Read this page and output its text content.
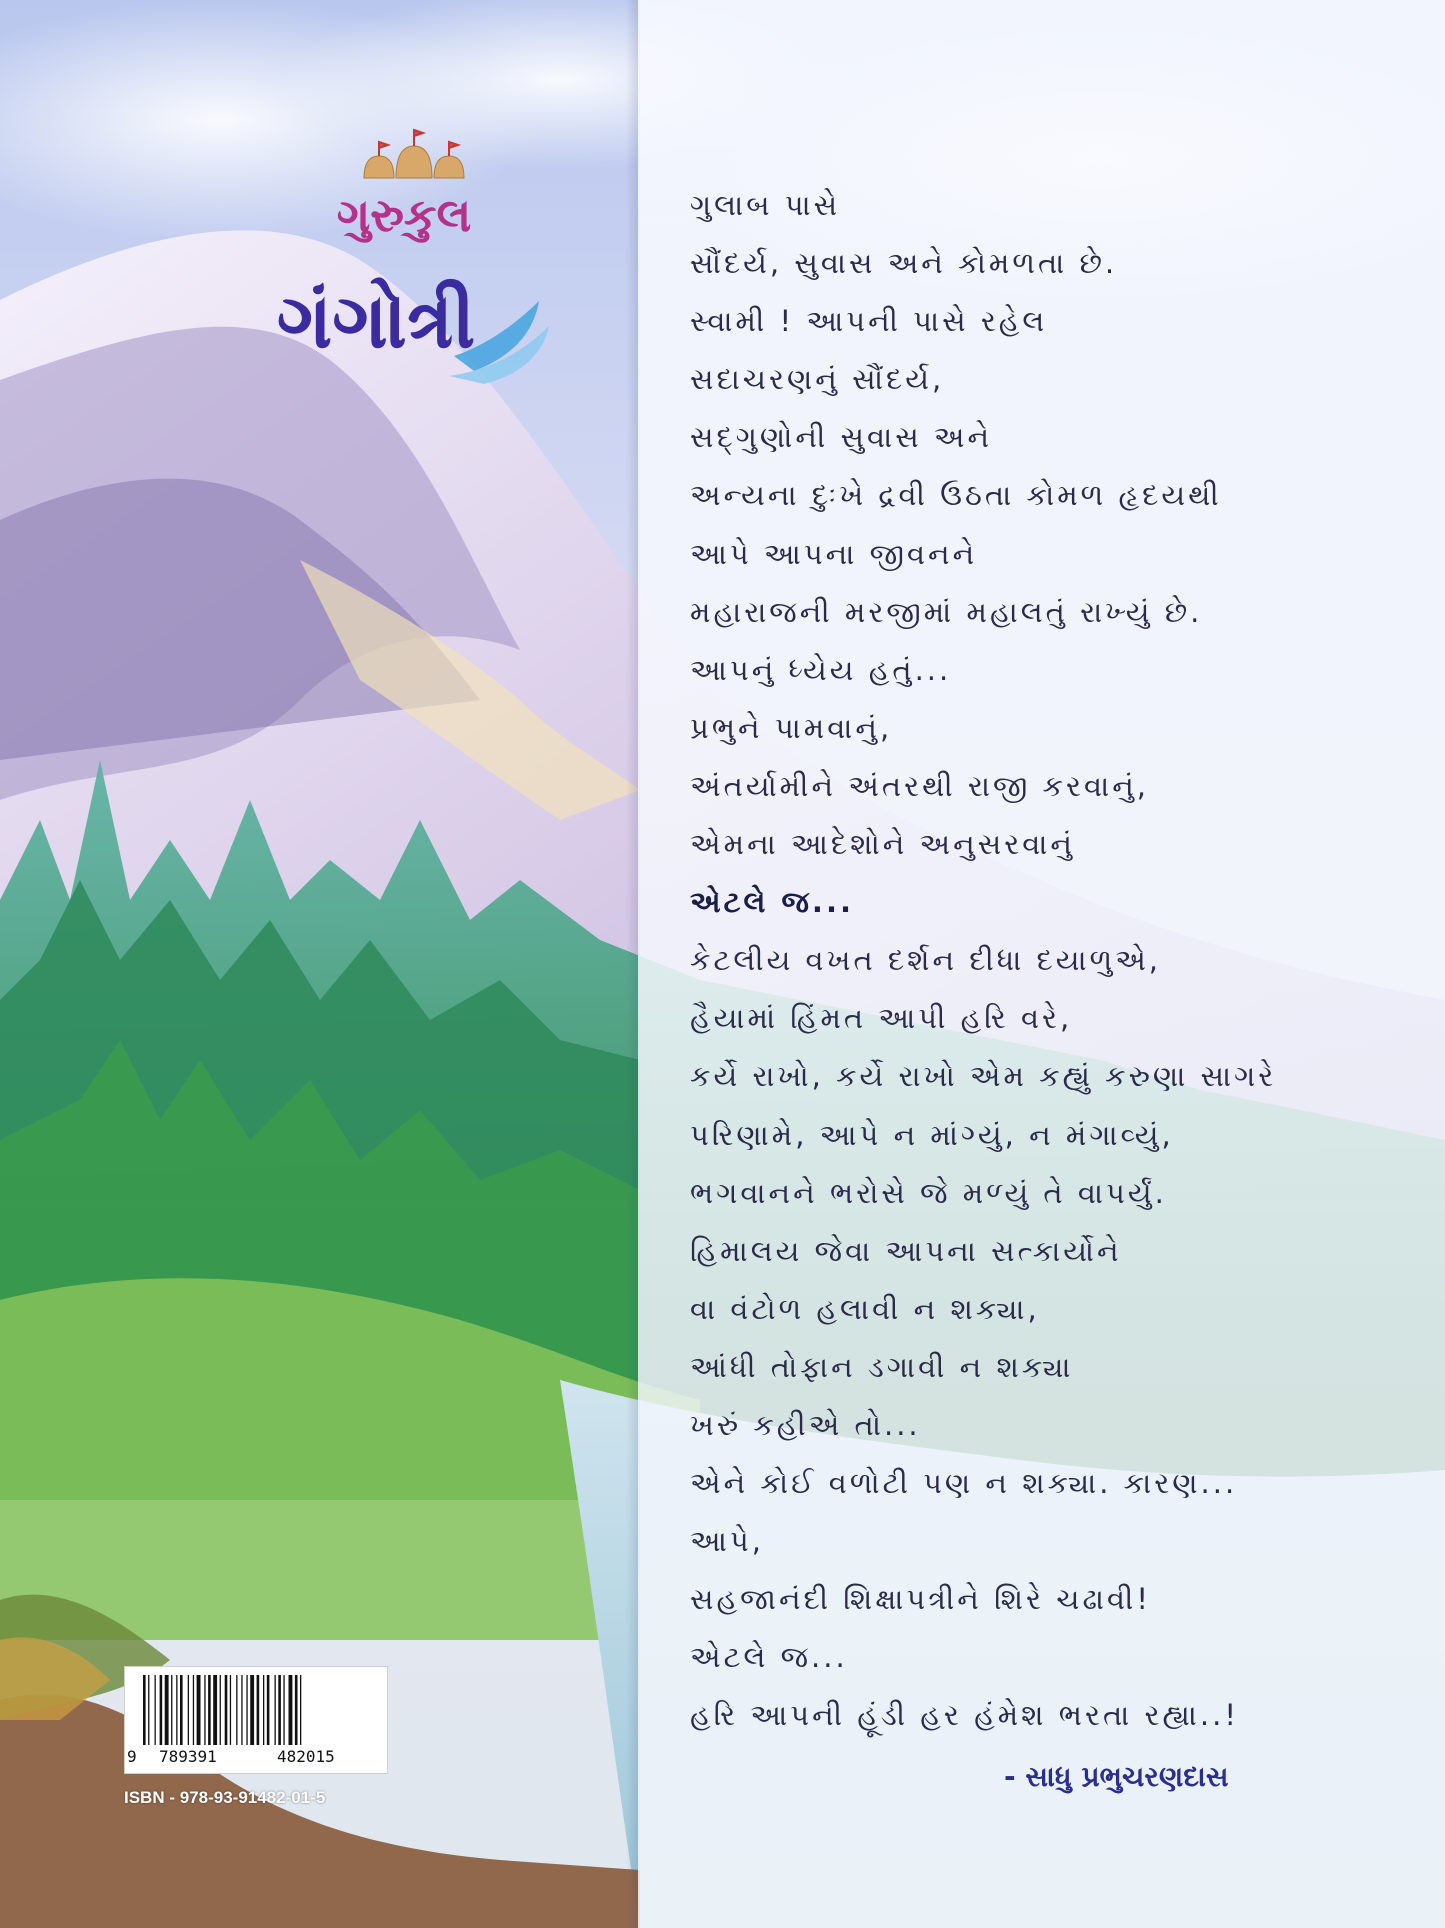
ગુરુકુલ
ગંગોત્રી
ગુલાબ પાસે
સૌંદર્ય, સુવાસ અને કોમળતા છે.
સ્વામી ! આપની પાસે રહેલ
સદાચરણનું સૌંદર્ય,
સદ્‌ગુણોની સુવાસ અને
અન્યના દુઃખે દ્રવી ઉઠતા કોમળ હૃદયથી
આપે આપના જીવનને
મહારાજની મરજીમાં મહાલતું રાખ્યું છે.
આપનું ધ્યેય હતું...
પ્રભુને પામવાનું,
અંતર્યામીને અંતરથી રાજી કરવાનું,
એમના આદેશોને અનુસરવાનું
એટલે જ...
કેટલીય વખત દર્શન દીધા દયાળુએ,
હૈયામાં હિંમત આપી હરિ વરે,
કર્યે રાખો, કર્યે રાખો એમ કહ્યું કરુણા સાગરે
પરિણામે, આપે ન માંગ્યું, ન મંગાવ્યું,
ભગવાનને ભરોસે જે મળ્યું તે વાપર્યું.
હિમાલય જેવા આપના સત્કાર્યોને
વા વંટોળ હલાવી ન શક્યા,
આંધી તોફાન ડગાવી ન શક્યા
ખરું કહીએ તો...
એને કોઈ વળોટી પણ ન શક્યા. કારણ...
આપે,
સહજાનંદી શિક્ષાપત્રીને શિરે ચઢાવી!
એટલે જ...
હરિ આપની હૂંડી હર હંમેશ ભરતા રહ્યા..!
- સાધુ પ્રભુચરણદાસ
9 789391	482015
ISBN - 978-93-91482-01-5
